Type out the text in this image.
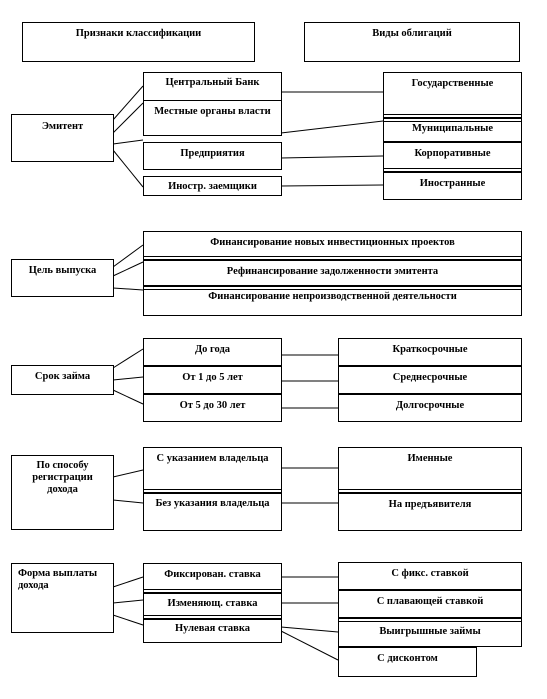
Признаки классификации	Виды облигаций
Эмитент
Центральный Банк
Местные органы власти
Предприятия
Иностр. заемщики
Государственные
Муниципальные
Корпоративные
Иностранные
Цель выпуска
Финансирование новых инвестиционных проектов
Рефинансирование задолженности эмитента
Финансирование непроизводственной деятельности
Срок займа
До года
От 1 до 5 лет
От 5 до 30 лет
Краткосрочные
Среднесрочные
Долгосрочные
По способу регистрации дохода
С указанием владельца
Без указания владельца
Именные
На предъявителя
Форма выплаты дохода
Фиксирован. ставка
Изменяющ. ставка
Нулевая ставка
С фикс. ставкой
С плавающей ставкой
Выигрышные займы
С дисконтом
